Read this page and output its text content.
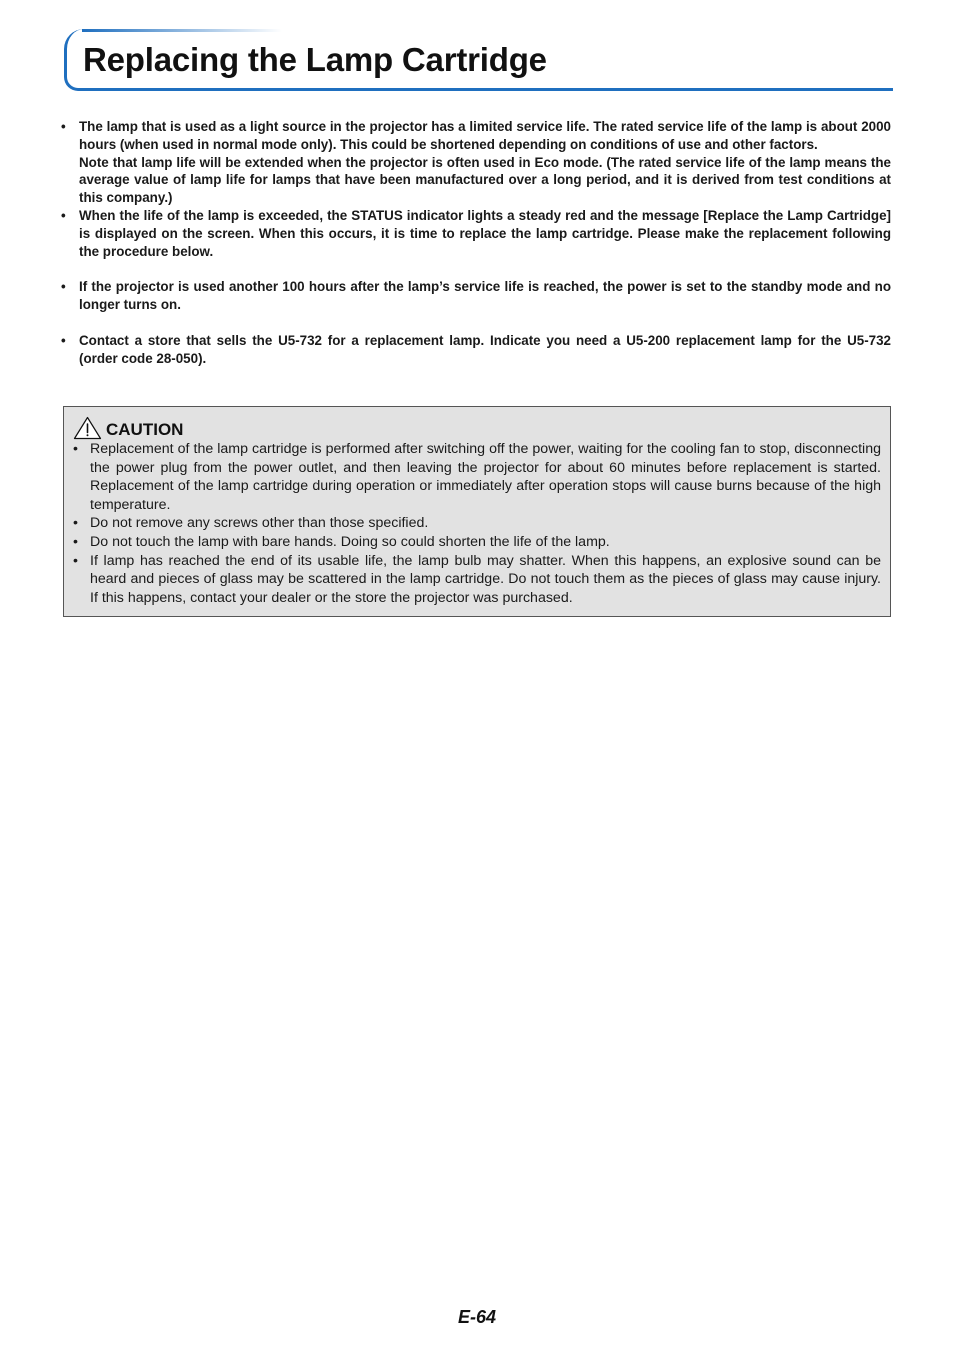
Replacing the Lamp Cartridge
• The lamp that is used as a light source in the projector has a limited service life. The rated service life of the lamp is about 2000 hours (when used in normal mode only). This could be shortened depending on conditions of use and other factors.

Note that lamp life will be extended when the projector is often used in Eco mode. (The rated service life of the lamp means the average value of lamp life for lamps that have been manufactured over a long period, and it is derived from test conditions at this company.)

• When the life of the lamp is exceeded, the STATUS indicator lights a steady red and the message [Replace the Lamp Cartridge] is displayed on the screen. When this occurs, it is time to replace the lamp cartridge. Please make the replacement following the procedure below.

• If the projector is used another 100 hours after the lamp’s service life is reached, the power is set to the standby mode and no longer turns on.

• Contact a store that sells the U5-732 for a replacement lamp. Indicate you need a U5-200 replacement lamp for the U5-732 (order code 28-050).

CAUTION
• Replacement of the lamp cartridge is performed after switching off the power, waiting for the cooling fan to stop, disconnecting the power plug from the power outlet, and then leaving the projector for about 60 minutes before replacement is started. Replacement of the lamp cartridge during operation or immediately after operation stops will cause burns because of the high temperature.
• Do not remove any screws other than those specified.
• Do not touch the lamp with bare hands. Doing so could shorten the life of the lamp.
• If lamp has reached the end of its usable life, the lamp bulb may shatter. When this happens, an explosive sound can be heard and pieces of glass may be scattered in the lamp cartridge. Do not touch them as the pieces of glass may cause injury. If this happens, contact your dealer or the store the projector was purchased.
E-64
